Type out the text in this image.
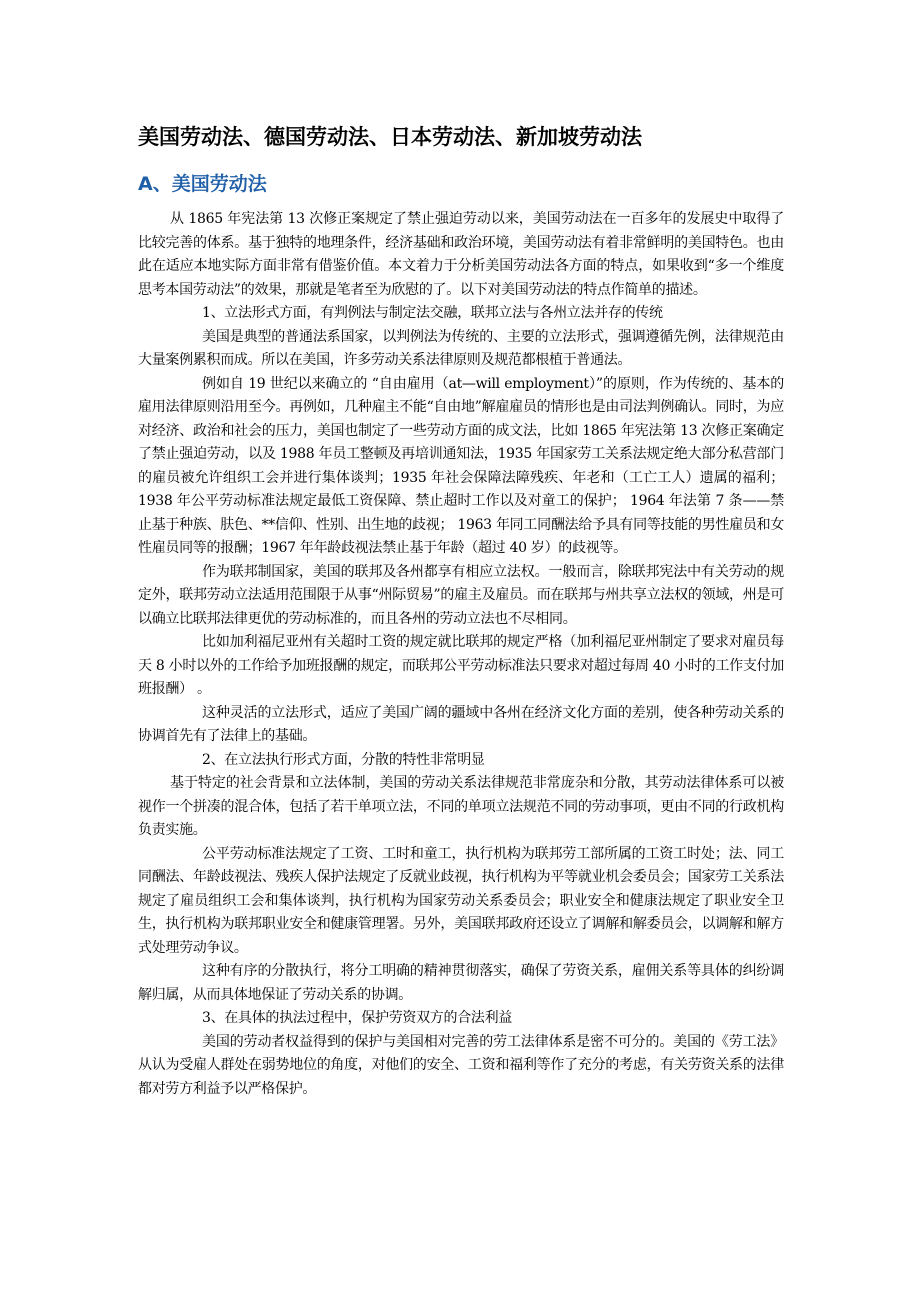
美国劳动法、德国劳动法、日本劳动法、新加坡劳动法
A、美国劳动法

从 1865 年宪法第 13 次修正案规定了禁止强迫劳动以来，美国劳动法在一百多年的发展史中取得了比较完善的体系。基于独特的地理条件，经济基础和政治环境，美国劳动法有着非常鲜明的美国特色。也由此在适应本地实际方面非常有借鉴价值。本文着力于分析美国劳动法各方面的特点，如果收到“多一个维度思考本国劳动法”的效果，那就是笔者至为欣慰的了。以下对美国劳动法的特点作简单的描述。

1、立法形式方面，有判例法与制定法交融，联邦立法与各州立法并存的传统

美国是典型的普通法系国家，以判例法为传统的、主要的立法形式，强调遵循先例，法律规范由大量案例累积而成。所以在美国，许多劳动关系法律原则及规范都根植于普通法。

例如自 19 世纪以来确立的 “自由雇用（at—will employment）”的原则，作为传统的、基本的雇用法律原则沿用至今。再例如，几种雇主不能“自由地”解雇雇员的情形也是由司法判例确认。同时，为应对经济、政治和社会的压力，美国也制定了一些劳动方面的成文法，比如 1865 年宪法第 13 次修正案确定了禁止强迫劳动，以及 1988 年员工整顿及再培训通知法，1935 年国家劳工关系法规定绝大部分私营部门的雇员被允许组织工会并进行集体谈判；1935 年社会保障法障残疾、年老和（工亡工人）遗属的福利；1938 年公平劳动标准法规定最低工资保障、禁止超时工作以及对童工的保护； 1964 年法第 7 条——禁止基于种族、肤色、**信仰、性别、出生地的歧视； 1963 年同工同酬法给予具有同等技能的男性雇员和女性雇员同等的报酬；1967 年年龄歧视法禁止基于年龄（超过 40 岁）的歧视等。

作为联邦制国家，美国的联邦及各州都享有相应立法权。一般而言，除联邦宪法中有关劳动的规定外，联邦劳动立法适用范围限于从事“州际贸易”的雇主及雇员。而在联邦与州共享立法权的领域，州是可以确立比联邦法律更优的劳动标准的，而且各州的劳动立法也不尽相同。

比如加利福尼亚州有关超时工资的规定就比联邦的规定严格（加利福尼亚州制定了要求对雇员每天 8 小时以外的工作给予加班报酬的规定，而联邦公平劳动标准法只要求对超过每周 40 小时的工作支付加班报酬） 。

这种灵活的立法形式，适应了美国广阔的疆域中各州在经济文化方面的差别，使各种劳动关系的协调首先有了法律上的基础。

2、在立法执行形式方面，分散的特性非常明显

基于特定的社会背景和立法体制，美国的劳动关系法律规范非常庞杂和分散，其劳动法律体系可以被视作一个拼凑的混合体，包括了若干单项立法，不同的单项立法规范不同的劳动事项，更由不同的行政机构负责实施。

公平劳动标准法规定了工资、工时和童工，执行机构为联邦劳工部所属的工资工时处；法、同工同酬法、年龄歧视法、残疾人保护法规定了反就业歧视，执行机构为平等就业机会委员会；国家劳工关系法规定了雇员组织工会和集体谈判，执行机构为国家劳动关系委员会；职业安全和健康法规定了职业安全卫生，执行机构为联邦职业安全和健康管理署。另外，美国联邦政府还设立了调解和解委员会，以调解和解方式处理劳动争议。

这种有序的分散执行，将分工明确的精神贯彻落实，确保了劳资关系，雇佣关系等具体的纠纷调解归属，从而具体地保证了劳动关系的协调。

3、在具体的执法过程中，保护劳资双方的合法利益

美国的劳动者权益得到的保护与美国相对完善的劳工法律体系是密不可分的。美国的《劳工法》从认为受雇人群处在弱势地位的角度，对他们的安全、工资和福利等作了充分的考虑，有关劳资关系的法律都对劳方利益予以严格保护。
